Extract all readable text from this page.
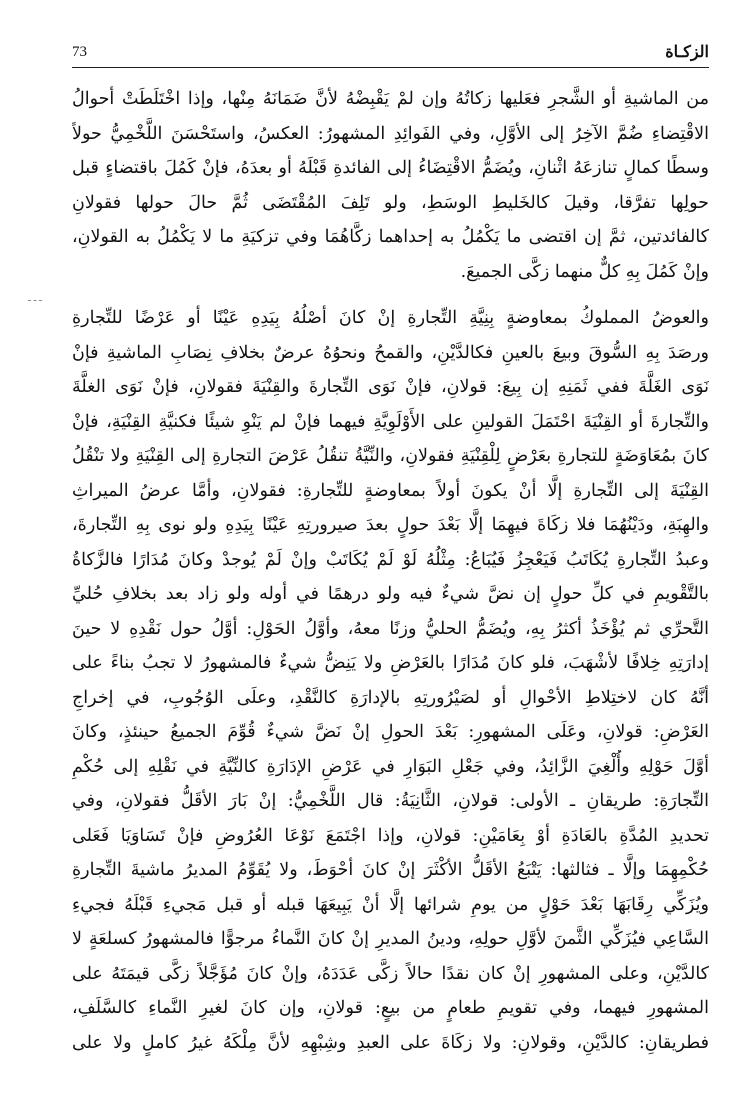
الزكـاة
73

من الماشيةِ أو الشَّجرِ فعَليها زكاتُهُ وإن لمْ يَقْبِضْهُ لأنَّ ضَمَانَهُ مِنْها، وإذا اخْتَلَطَتْ أحوالُ
الاقْتِضاءِ ضُمَّ الآخِرُ إلى الأوَّلِ، وفي الفَوائِدِ المشهورُ: العكسُ، واستَحْسَنَ اللَّخْمِيُّ حولاً
وسطًا كمالٍ تنازعَهُ اثْنانِ، ويُضَمُّ الاقْتِضَاءُ إلى الفائدةِ قَبْلَهُ أو بعدَهُ، فإنْ كَمُلَ باقتضاءٍ قبل
حولِها تفرَّقا، وقيلَ كالخَليطِ الوسَطِ، ولو تَلِفَ المُقْتَضَى ثُمَّ حالَ حولها فقولانِ
كالفائدتين، ثمَّ إن اقتضى ما يَكْمُلُ به إحداهما زكَّاهُمَا وفي تزكيَةِ ما لا يَكْمُلُ به القولانِ،
وإنْ كَمُلَ بِهِ كلٌّ منهما زكَّى الجميعَ.

والعوضُ المملوكُ بمعاوضةٍ بِنِيَّةِ التِّجارةِ إنْ كانَ أصْلُهُ بِيَدِهِ عَيْنًا أو عَرْضًا للتِّجارةِ
ورصَدَ بِهِ السُّوقَ وبيعَ بالعينِ فكالدَّيْنِ، والقمحُ ونحوُهُ عرضٌ بخلافِ نِصَابِ الماشيةِ فإنْ
نَوَى الغَلَّةَ ففي ثَمَنِهِ إن بِيعَ: قولانِ، فإنْ نَوَى التِّجارةَ والقِنْيَةَ فقولانِ، فإنْ نَوَى الغلَّةَ
والتِّجارةَ أو القِنْيَةَ احْتَمَلَ القولينِ على الأَوْلَوِيَّةِ فيهما فإنْ لم يَنْوِ شيئًا فكنيَّةِ القِنْيَةِ، فإنْ
كانَ بمُعَاوَضَةٍ للتجارةِ بعَرْضٍ لِلْقِنْيَةِ فقولانِ، والنِّيَّةُ تنقُلُ عَرْضَ التجارةِ إلى القِنْيَةِ ولا تنْقُلُ
القِنْيَةَ إلى التِّجارةِ إلَّا أنْ يكونَ أولاً بمعاوضةٍ للتِّجارةِ: فقولانِ، وأمَّا عرضُ الميراثِ
والهِبَةِ، ودَيْنُهُمَا فلا زكَاةَ فيهِمَا إلَّا بَعْدَ حولٍ بعدَ صيرورتِهِ عَيْنًا بِيَدِهِ ولو نوى بِهِ التِّجارةَ،
وعبدُ التِّجارةِ يُكَاتَبُ فَيَعْجِزُ فَيُبَاعُ: مِثْلُهُ لَوْ لَمْ يُكَاتَبْ وإنْ لَمْ يُوجدْ وكانَ مُدَارًا فالزَّكاةُ
بالتَّقْويمِ في كلِّ حولٍ إن نضَّ شيءٌ فيه ولو درهمًا في أوله ولو زاد بعد بخلافِ حُليِّ
التَّحرِّي ثم يُؤْخَذُ أكثرُ بِهِ، ويُضَمُّ الحليُّ وزنًا معهُ، وأوَّلُ الحَوْلِ: أوَّلُ حول نَقْدِهِ لا حينَ
إدارَتِهِ خِلافًا لأشْهَبَ، فلو كانَ مُدَارًا بالعَرْضِ ولا يَنِضُّ شيءٌ فالمشهورُ لا تجبُ بناءً على
أنَّهُ كان لاختِلاطِ الأحْوالِ أو لصَيْرُورتِهِ بالإدارَةِ كالنَّقْدِ، وعلَى الوُجُوبِ، في إخراجِ
العَرْضِ: قولانِ، وعَلَى المشهورِ: بَعْدَ الحولِ إنْ نَضَّ شيءٌ قُوِّمَ الجميعُ حينئذٍ، وكانَ
أوَّلَ حَوْلِهِ وأُلْغِيَ الزَّائِدُ، وفي جَعْلِ البَوَارِ في عَرْضِ الإدَارَةِ كالنِّيَّةِ في نَقْلِهِ إلى حُكْمِ
التِّجارَةِ: طريقانِ ـ الأولى: قولانِ، الثَّانِيَةُ: قال اللَّخْمِيُّ: إنْ بَارَ الأقَلُّ فقولانِ، وفي
تحديدِ المُدَّةِ بالعَادَةِ أوْ بِعَامَيْنِ: قولانِ، وإذا اجْتَمَعَ نَوْعَا العُرُوضِ فإنْ تَسَاوَيَا فَعَلى
حُكْمِهِمَا وإلَّا ـ فثالثها: يَتْبَعُ الأقَلُّ الأكْثَرَ إنْ كانَ أحْوَطَ، ولا يُقَوِّمُ المديرُ ماشيةَ التِّجارةِ
ويُزَكِّي رِقَابَهَا بَعْدَ حَوْلٍ من يومِ شرائها إلَّا أنْ يَبِيعَهَا قبله أو قبل مَجيءِ قَبْلَهُ فجيءِ
السَّاعِي فيُزَكِّي الثَّمنَ لأوَّلِ حولِهِ، ودينُ المديرِ إنْ كانَ النَّماءُ مرجوًّا فالمشهورُ كسلعَةٍ لا
كالدَّيْنِ، وعلى المشهورِ إنْ كان نقدًا حالاً زكَّى عَدَدَهُ، وإنْ كانَ مُؤَجَّلاً زكَّى قيمَتَهُ على
المشهورِ فيهما، وفي تقويمِ طعامٍ من بيعٍ: قولانِ، وإن كانَ لغيرِ النَّماءِ كالسَّلَفِ،
فطريقانِ: كالدَّيْنِ، وقولانِ: ولا زكَاةَ على العبدِ وشِبْهِهِ لأنَّ مِلْكَهُ غيرُ كاملٍ ولا على
